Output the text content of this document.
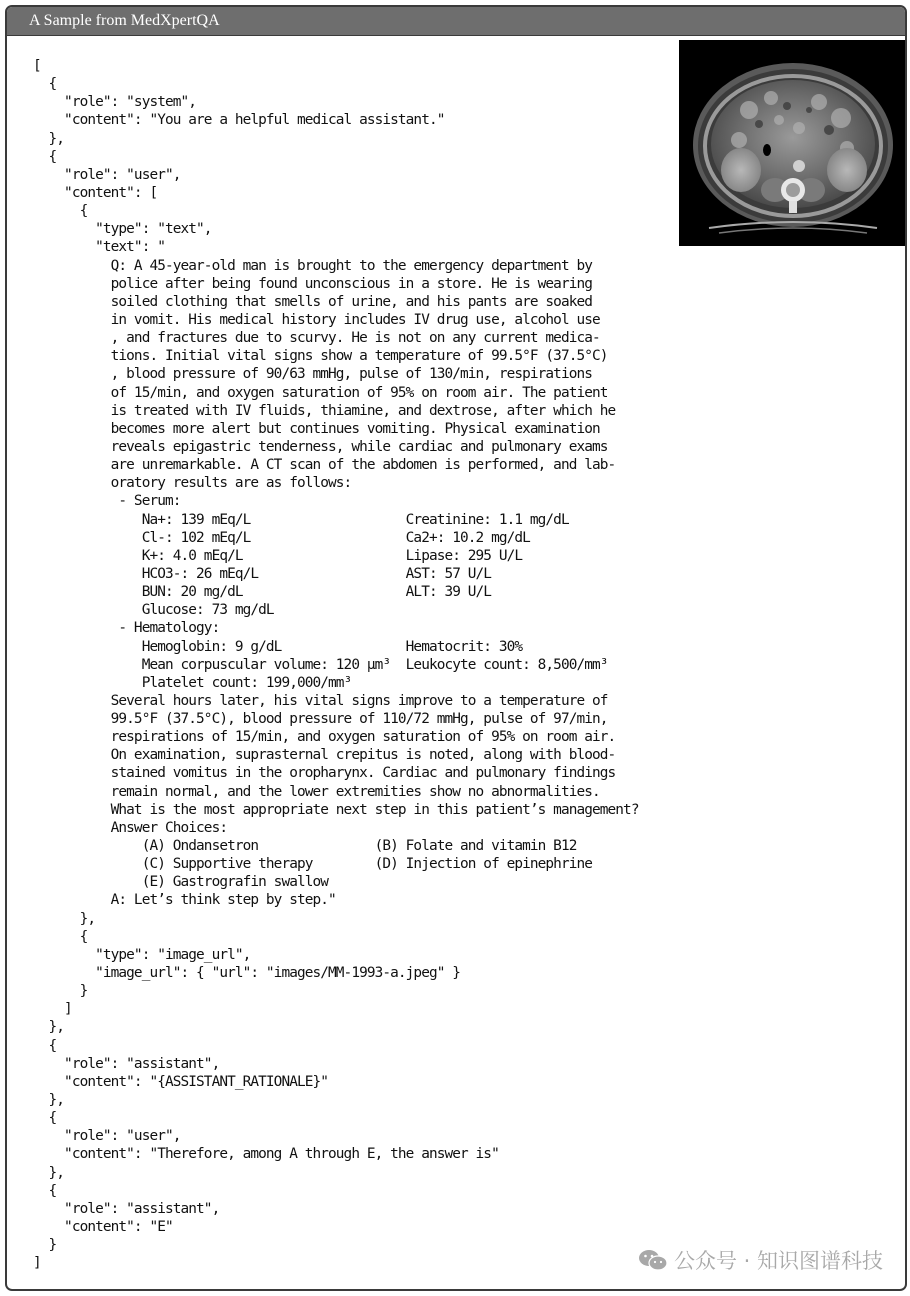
A Sample from MedXpertQA
[
{
"role": "system",
"content": "You are a helpful medical assistant."
},
{
"role": "user",
"content": [
{
"type": "text",
"text": "
Q: A 45-year-old man is brought to the emergency department by
police after being found unconscious in a store. He is wearing
soiled clothing that smells of urine, and his pants are soaked
in vomit. His medical history includes IV drug use, alcohol use
, and fractures due to scurvy. He is not on any current medica-
tions. Initial vital signs show a temperature of 99.5°F (37.5°C)
, blood pressure of 90/63 mmHg, pulse of 130/min, respirations
of 15/min, and oxygen saturation of 95% on room air. The patient
is treated with IV fluids, thiamine, and dextrose, after which he
becomes more alert but continues vomiting. Physical examination
reveals epigastric tenderness, while cardiac and pulmonary exams
are unremarkable. A CT scan of the abdomen is performed, and lab-
oratory results are as follows:
- Serum:
Na+: 139 mEq/L                    Creatinine: 1.1 mg/dL
Cl-: 102 mEq/L                    Ca2+: 10.2 mg/dL
K+: 4.0 mEq/L                     Lipase: 295 U/L
HCO3-: 26 mEq/L                   AST: 57 U/L
BUN: 20 mg/dL                     ALT: 39 U/L
Glucose: 73 mg/dL
- Hematology:
Hemoglobin: 9 g/dL                Hematocrit: 30%
Mean corpuscular volume: 120 μm³  Leukocyte count: 8,500/mm³
Platelet count: 199,000/mm³
Several hours later, his vital signs improve to a temperature of
99.5°F (37.5°C), blood pressure of 110/72 mmHg, pulse of 97/min,
respirations of 15/min, and oxygen saturation of 95% on room air.
On examination, suprasternal crepitus is noted, along with blood-
stained vomitus in the oropharynx. Cardiac and pulmonary findings
remain normal, and the lower extremities show no abnormalities.
What is the most appropriate next step in this patient’s management?
Answer Choices:
(A) Ondansetron               (B) Folate and vitamin B12
(C) Supportive therapy        (D) Injection of epinephrine
(E) Gastrografin swallow
A: Let’s think step by step."
},
{
"type": "image_url",
"image_url": { "url": "images/MM-1993-a.jpeg" }
}
]
},
{
"role": "assistant",
"content": "{ASSISTANT_RATIONALE}"
},
{
"role": "user",
"content": "Therefore, among A through E, the answer is"
},
{
"role": "assistant",
"content": "E"
}
]	公众号 · 知识图谱科技
